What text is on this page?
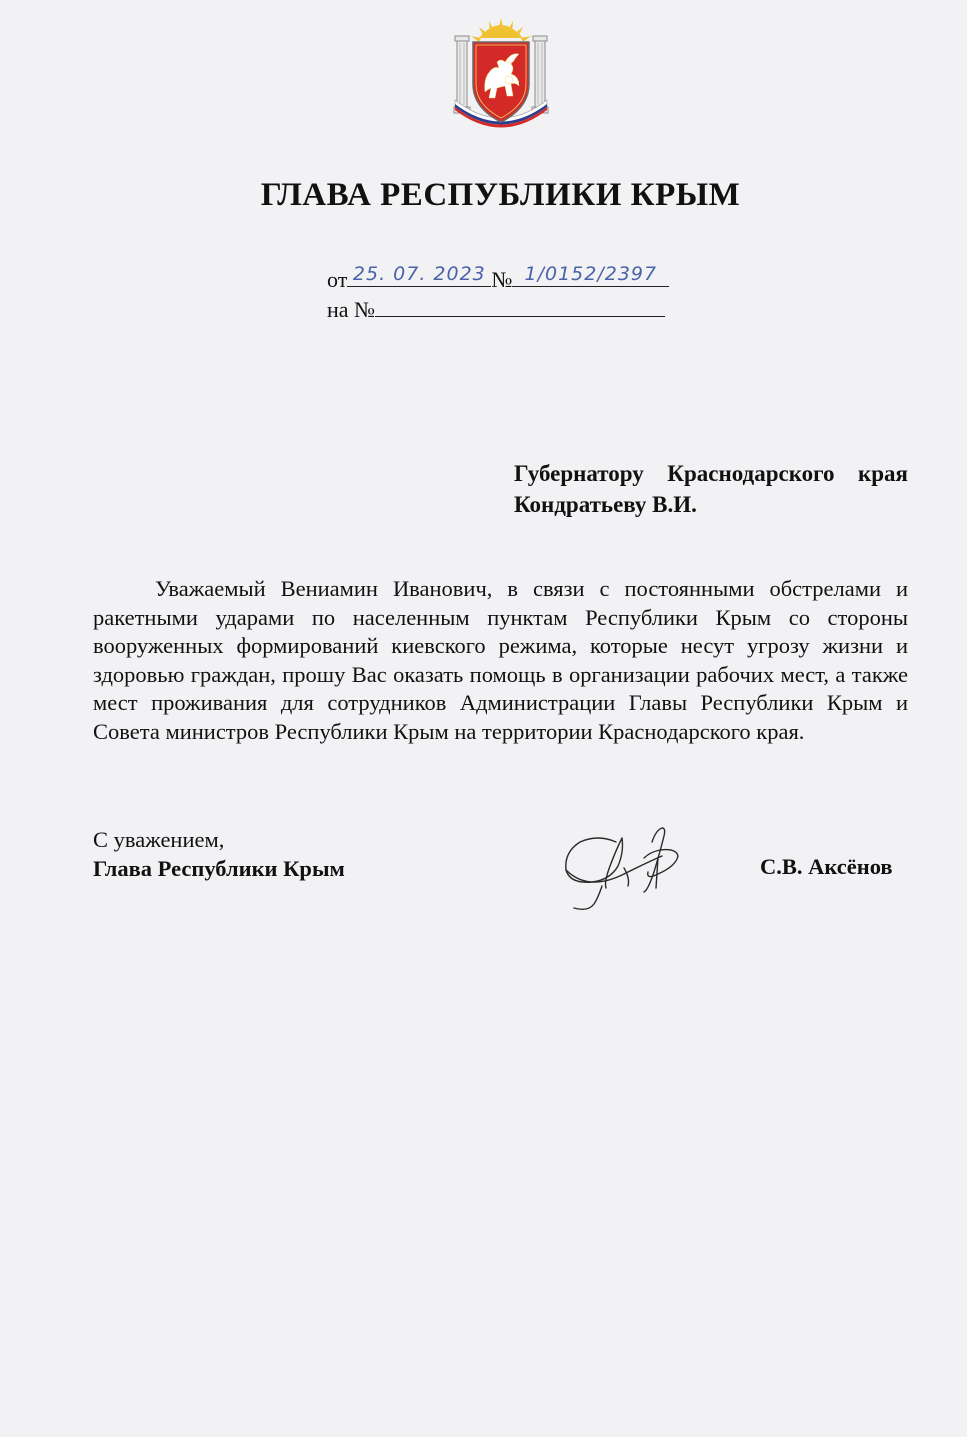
ГЛАВА РЕСПУБЛИКИ КРЫМ
от 25. 07. 2023 № 1/0152/2397
на №
Губернатору Краснодарского края
Кондратьеву В.И.

Уважаемый Вениамин Иванович, в связи с постоянными обстрелами и ракетными ударами по населенным пунктам Республики Крым со стороны вооруженных формирований киевского режима, которые несут угрозу жизни и здоровью граждан, прошу Вас оказать помощь в организации рабочих мест, а также мест проживания для сотрудников Администрации Главы Республики Крым и Совета министров Республики Крым на территории Краснодарского края.

С уважением,
Глава Республики Крым	С.В. Аксёнов
